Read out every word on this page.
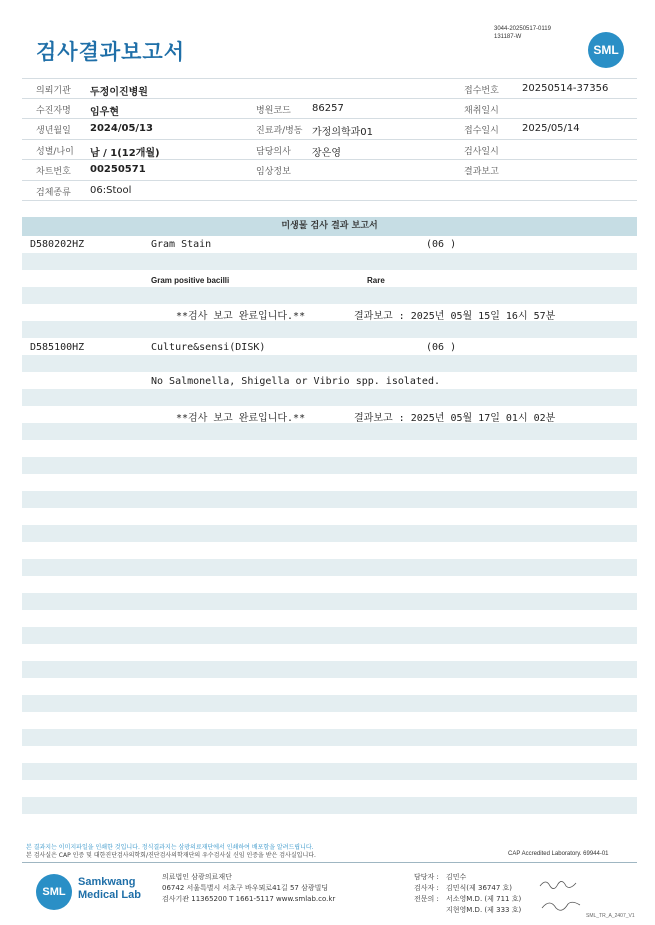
검사결과보고서
3044-20250517-0119
131187-W
SML
의뢰기관 두정이진병원	접수번호 20250514-37356
수진자명 임우현	병원코드 86257	채취일시
생년월일 2024/05/13	진료과/병동 가정의학과01	접수일시 2025/05/14
성별/나이 남 / 1(12개월)	담당의사 장은영	검사일시
차트번호 00250571	임상정보	결과보고
검체종류 06:Stool
미생물 검사 결과 보고서
D580202HZ	Gram Stain	(06 )
Gram positive bacilli	Rare
**검사 보고 완료입니다.**	결과보고 : 2025년 05월 15일 16시 57분
D585100HZ	Culture&sensi(DISK)	(06 )
No Salmonella, Shigella or Vibrio spp. isolated.
**검사 보고 완료입니다.**	결과보고 : 2025년 05월 17일 01시 02분
본 결과지는 이미지파일을 인쇄한 것입니다. 정식결과지는 삼광의료재단에서 인쇄하여 배포함을 알려드립니다.
본 검사실은 CAP 인증 및 대한진단검사의학회/진단검사의학재단의 우수검사실 신임 인증을 받은 검사실입니다.	CAP Accredited Laboratory. 69944-01
SML
Samkwang
Medical Lab
의료법인 삼광의료재단
06742 서울특별시 서초구 바우뫼로41길 57 삼광빌딩
검사기관 11365200 T 1661-5117 www.smlab.co.kr
담당자 : 김민수
검사자 : 김민식(제 36747 호)
전문의 : 서소영M.D. (제 711 호)
지현영M.D. (제 333 호)
SML_TR_A_2407_V1
